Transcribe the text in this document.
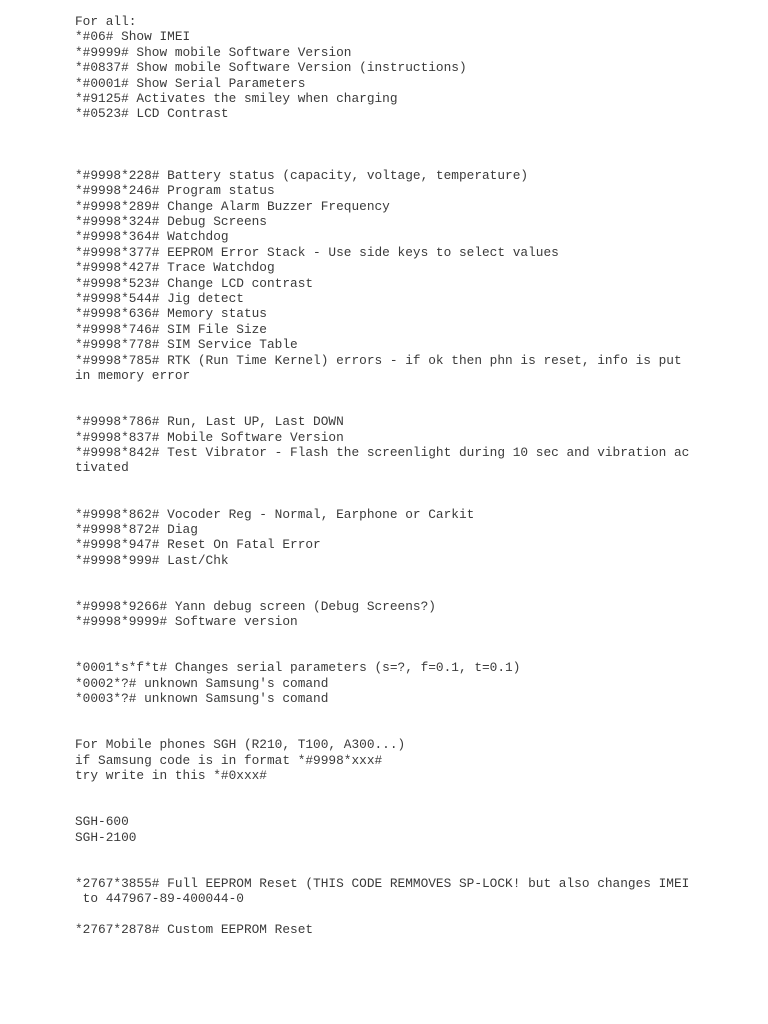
For all:
*#06# Show IMEI
*#9999# Show mobile Software Version
*#0837# Show mobile Software Version (instructions)
*#0001# Show Serial Parameters
*#9125# Activates the smiley when charging
*#0523# LCD Contrast
*#9998*228# Battery status (capacity, voltage, temperature)
*#9998*246# Program status
*#9998*289# Change Alarm Buzzer Frequency
*#9998*324# Debug Screens
*#9998*364# Watchdog
*#9998*377# EEPROM Error Stack - Use side keys to select values
*#9998*427# Trace Watchdog
*#9998*523# Change LCD contrast
*#9998*544# Jig detect
*#9998*636# Memory status
*#9998*746# SIM File Size
*#9998*778# SIM Service Table
*#9998*785# RTK (Run Time Kernel) errors - if ok then phn is reset, info is put
in memory error
*#9998*786# Run, Last UP, Last DOWN
*#9998*837# Mobile Software Version
*#9998*842# Test Vibrator - Flash the screenlight during 10 sec and vibration ac
tivated
*#9998*862# Vocoder Reg - Normal, Earphone or Carkit
*#9998*872# Diag
*#9998*947# Reset On Fatal Error
*#9998*999# Last/Chk
*#9998*9266# Yann debug screen (Debug Screens?)
*#9998*9999# Software version
*0001*s*f*t# Changes serial parameters (s=?, f=0.1, t=0.1)
*0002*?# unknown Samsung's comand
*0003*?# unknown Samsung's comand
For Mobile phones SGH (R210, T100, A300...)
if Samsung code is in format *#9998*xxx#
try write in this *#0xxx#
SGH-600
SGH-2100
*2767*3855# Full EEPROM Reset (THIS CODE REMMOVES SP-LOCK! but also changes IMEI
to 447967-89-400044-0
*2767*2878# Custom EEPROM Reset
